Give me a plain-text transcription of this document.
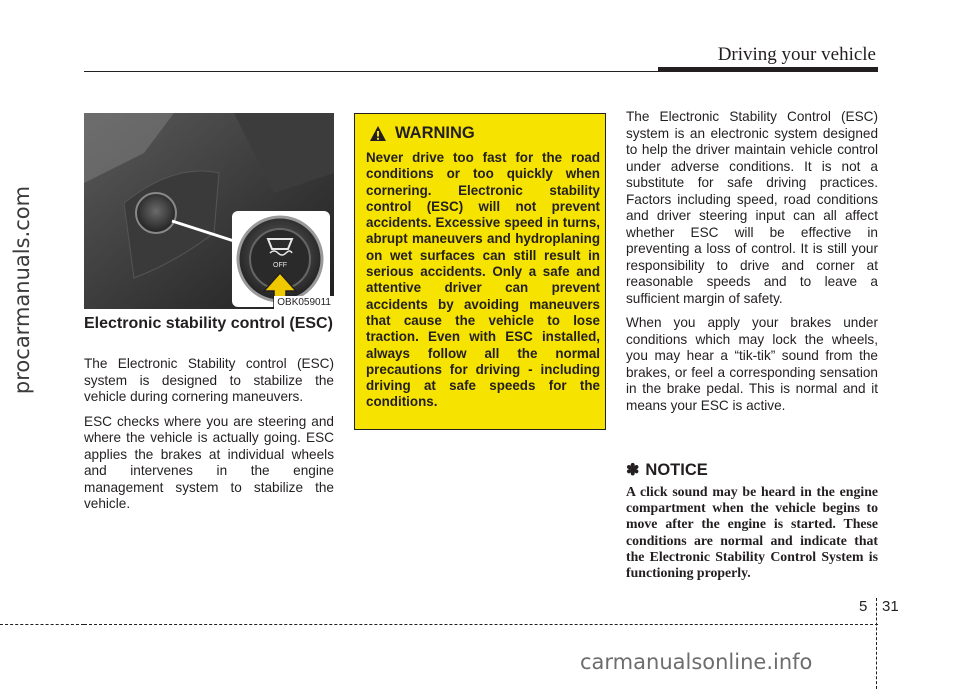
procarmanuals.com
Driving your vehicle
OFF
OBK059011
Electronic stability control (ESC)

The Electronic Stability control (ESC) system is designed to stabilize the vehicle during cornering maneuvers.

ESC checks where you are steering and where the vehicle is actually going. ESC applies the brakes at individual wheels and intervenes in the engine management system to stabilize the vehicle.

WARNING

Never drive too fast for the road conditions or too quickly when cornering. Electronic stability control (ESC) will not prevent accidents. Excessive speed in turns, abrupt maneuvers and hydroplaning on wet surfaces can still result in serious accidents. Only a safe and attentive driver can prevent accidents by avoiding maneuvers that cause the vehicle to lose traction. Even with ESC installed, always follow all the normal precautions for driving - including driving at safe speeds for the conditions.

The Electronic Stability Control (ESC) system is an electronic system designed to help the driver maintain vehicle control under adverse conditions. It is not a substitute for safe driving practices. Factors including speed, road conditions and driver steering input can all affect whether ESC will be effective in preventing a loss of control. It is still your responsibility to drive and corner at reasonable speeds and to leave a sufficient margin of safety.

When you apply your brakes under conditions which may lock the wheels, you may hear a “tik-tik” sound from the brakes, or feel a corresponding sensation in the brake pedal. This is normal and it means your ESC is active.

✽ NOTICE

A click sound may be heard in the engine compartment when the vehicle begins to move after the engine is started. These conditions are normal and indicate that the Electronic Stability Control System is functioning properly.

5 31
carmanualsonline.info
